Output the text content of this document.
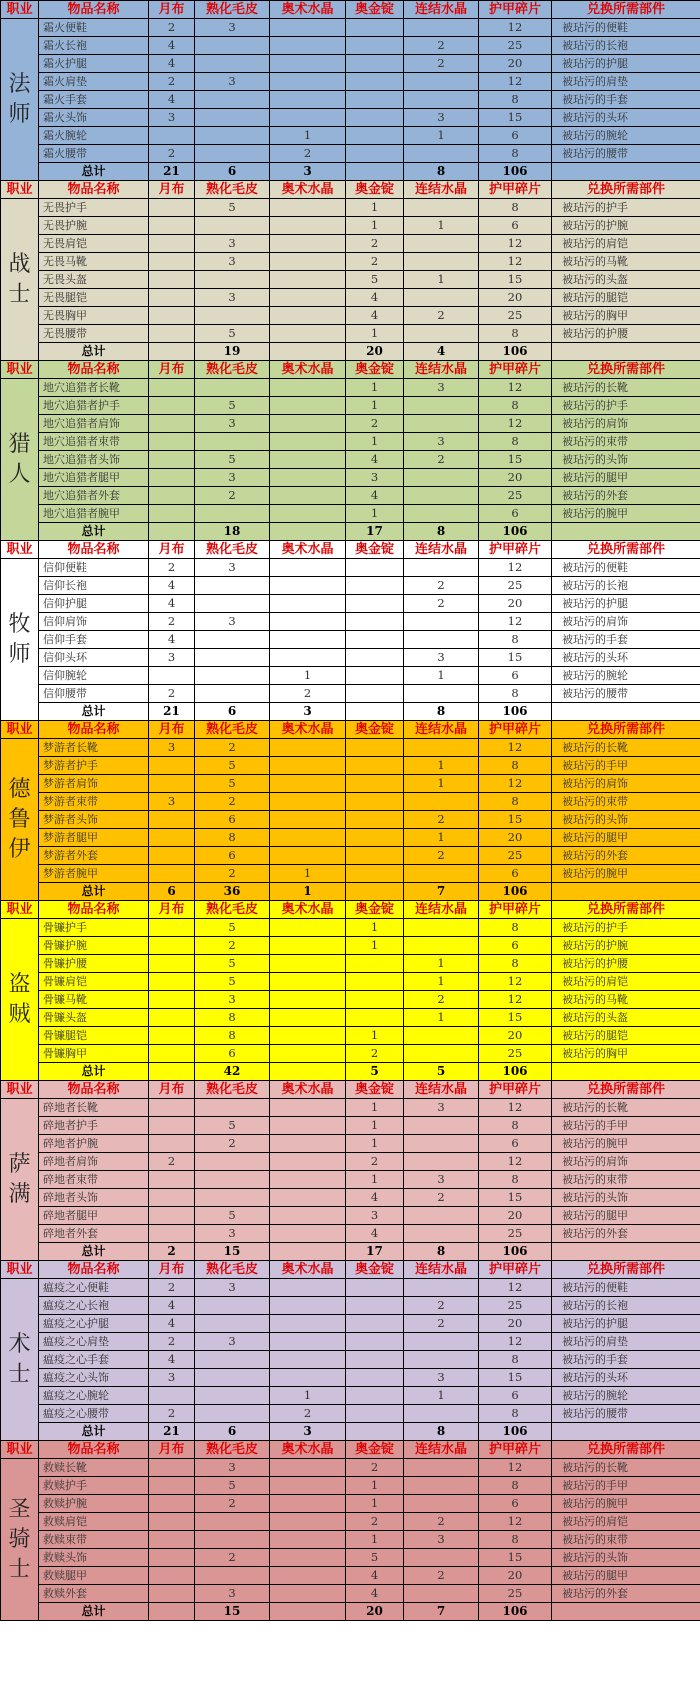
职业	物品名称	月布	熟化毛皮	奥术水晶	奥金锭	连结水晶	护甲碎片	兑换所需部件
法师	霜火便鞋	2	3				12	被玷污的便鞋
	霜火长袍	4				2	25	被玷污的长袍
	霜火护腿	4				2	20	被玷污的护腿
	霜火肩垫	2	3				12	被玷污的肩垫
	霜火手套	4					8	被玷污的手套
	霜火头饰	3				3	15	被玷污的头环
	霜火腕轮			1		1	6	被玷污的腕轮
	霜火腰带	2		2			8	被玷污的腰带
	总计	21	6	3		8	106	
职业	物品名称	月布	熟化毛皮	奥术水晶	奥金锭	连结水晶	护甲碎片	兑换所需部件
战士	无畏护手		5		1		8	被玷污的护手
	无畏护腕				1	1	6	被玷污的护腕
	无畏肩铠		3		2		12	被玷污的肩铠
	无畏马靴		3		2		12	被玷污的马靴
	无畏头盔				5	1	15	被玷污的头盔
	无畏腿铠		3		4		20	被玷污的腿铠
	无畏胸甲				4	2	25	被玷污的胸甲
	无畏腰带		5		1		8	被玷污的护腰
	总计		19		20	4	106	
职业	物品名称	月布	熟化毛皮	奥术水晶	奥金锭	连结水晶	护甲碎片	兑换所需部件
猎人	地穴追猎者长靴				1	3	12	被玷污的长靴
	地穴追猎者护手		5		1		8	被玷污的护手
	地穴追猎者肩饰		3		2		12	被玷污的肩饰
	地穴追猎者束带				1	3	8	被玷污的束带
	地穴追猎者头饰		5		4	2	15	被玷污的头饰
	地穴追猎者腿甲		3		3		20	被玷污的腿甲
	地穴追猎者外套		2		4		25	被玷污的外套
	地穴追猎者腕甲				1		6	被玷污的腕甲
	总计		18		17	8	106	
职业	物品名称	月布	熟化毛皮	奥术水晶	奥金锭	连结水晶	护甲碎片	兑换所需部件
牧师	信仰便鞋	2	3				12	被玷污的便鞋
	信仰长袍	4				2	25	被玷污的长袍
	信仰护腿	4				2	20	被玷污的护腿
	信仰肩饰	2	3				12	被玷污的肩饰
	信仰手套	4					8	被玷污的手套
	信仰头环	3				3	15	被玷污的头环
	信仰腕轮			1		1	6	被玷污的腕轮
	信仰腰带	2		2			8	被玷污的腰带
	总计	21	6	3		8	106	
职业	物品名称	月布	熟化毛皮	奥术水晶	奥金锭	连结水晶	护甲碎片	兑换所需部件
德鲁伊	梦游者长靴	3	2				12	被玷污的长靴
	梦游者护手		5			1	8	被玷污的手甲
	梦游者肩饰		5			1	12	被玷污的肩饰
	梦游者束带	3	2				8	被玷污的束带
	梦游者头饰		6			2	15	被玷污的头饰
	梦游者腿甲		8			1	20	被玷污的腿甲
	梦游者外套		6			2	25	被玷污的外套
	梦游者腕甲		2	1			6	被玷污的腕甲
	总计	6	36	1		7	106	
职业	物品名称	月布	熟化毛皮	奥术水晶	奥金锭	连结水晶	护甲碎片	兑换所需部件
盗贼	骨镰护手		5		1		8	被玷污的护手
	骨镰护腕		2		1		6	被玷污的护腕
	骨镰护腰		5			1	8	被玷污的护腰
	骨镰肩铠		5			1	12	被玷污的肩铠
	骨镰马靴		3			2	12	被玷污的马靴
	骨镰头盔		8			1	15	被玷污的头盔
	骨镰腿铠		8		1		20	被玷污的腿铠
	骨镰胸甲		6		2		25	被玷污的胸甲
	总计		42		5	5	106	
职业	物品名称	月布	熟化毛皮	奥术水晶	奥金锭	连结水晶	护甲碎片	兑换所需部件
萨满	碎地者长靴				1	3	12	被玷污的长靴
	碎地者护手		5		1		8	被玷污的手甲
	碎地者护腕		2		1		6	被玷污的腕甲
	碎地者肩饰	2			2		12	被玷污的肩饰
	碎地者束带				1	3	8	被玷污的束带
	碎地者头饰				4	2	15	被玷污的头饰
	碎地者腿甲		5		3		20	被玷污的腿甲
	碎地者外套		3		4		25	被玷污的外套
	总计	2	15		17	8	106	
职业	物品名称	月布	熟化毛皮	奥术水晶	奥金锭	连结水晶	护甲碎片	兑换所需部件
术士	瘟疫之心便鞋	2	3				12	被玷污的便鞋
	瘟疫之心长袍	4				2	25	被玷污的长袍
	瘟疫之心护腿	4				2	20	被玷污的护腿
	瘟疫之心肩垫	2	3				12	被玷污的肩垫
	瘟疫之心手套	4					8	被玷污的手套
	瘟疫之心头饰	3				3	15	被玷污的头环
	瘟疫之心腕轮			1		1	6	被玷污的腕轮
	瘟疫之心腰带	2		2			8	被玷污的腰带
	总计	21	6	3		8	106	
职业	物品名称	月布	熟化毛皮	奥术水晶	奥金锭	连结水晶	护甲碎片	兑换所需部件
圣骑士	救赎长靴		3		2		12	被玷污的长靴
	救赎护手		5		1		8	被玷污的手甲
	救赎护腕		2		1		6	被玷污的腕甲
	救赎肩铠				2	2	12	被玷污的肩铠
	救赎束带				1	3	8	被玷污的束带
	救赎头饰		2		5		15	被玷污的头饰
	救赎腿甲				4	2	20	被玷污的腿甲
	救赎外套		3		4		25	被玷污的外套
	总计		15		20	7	106	
